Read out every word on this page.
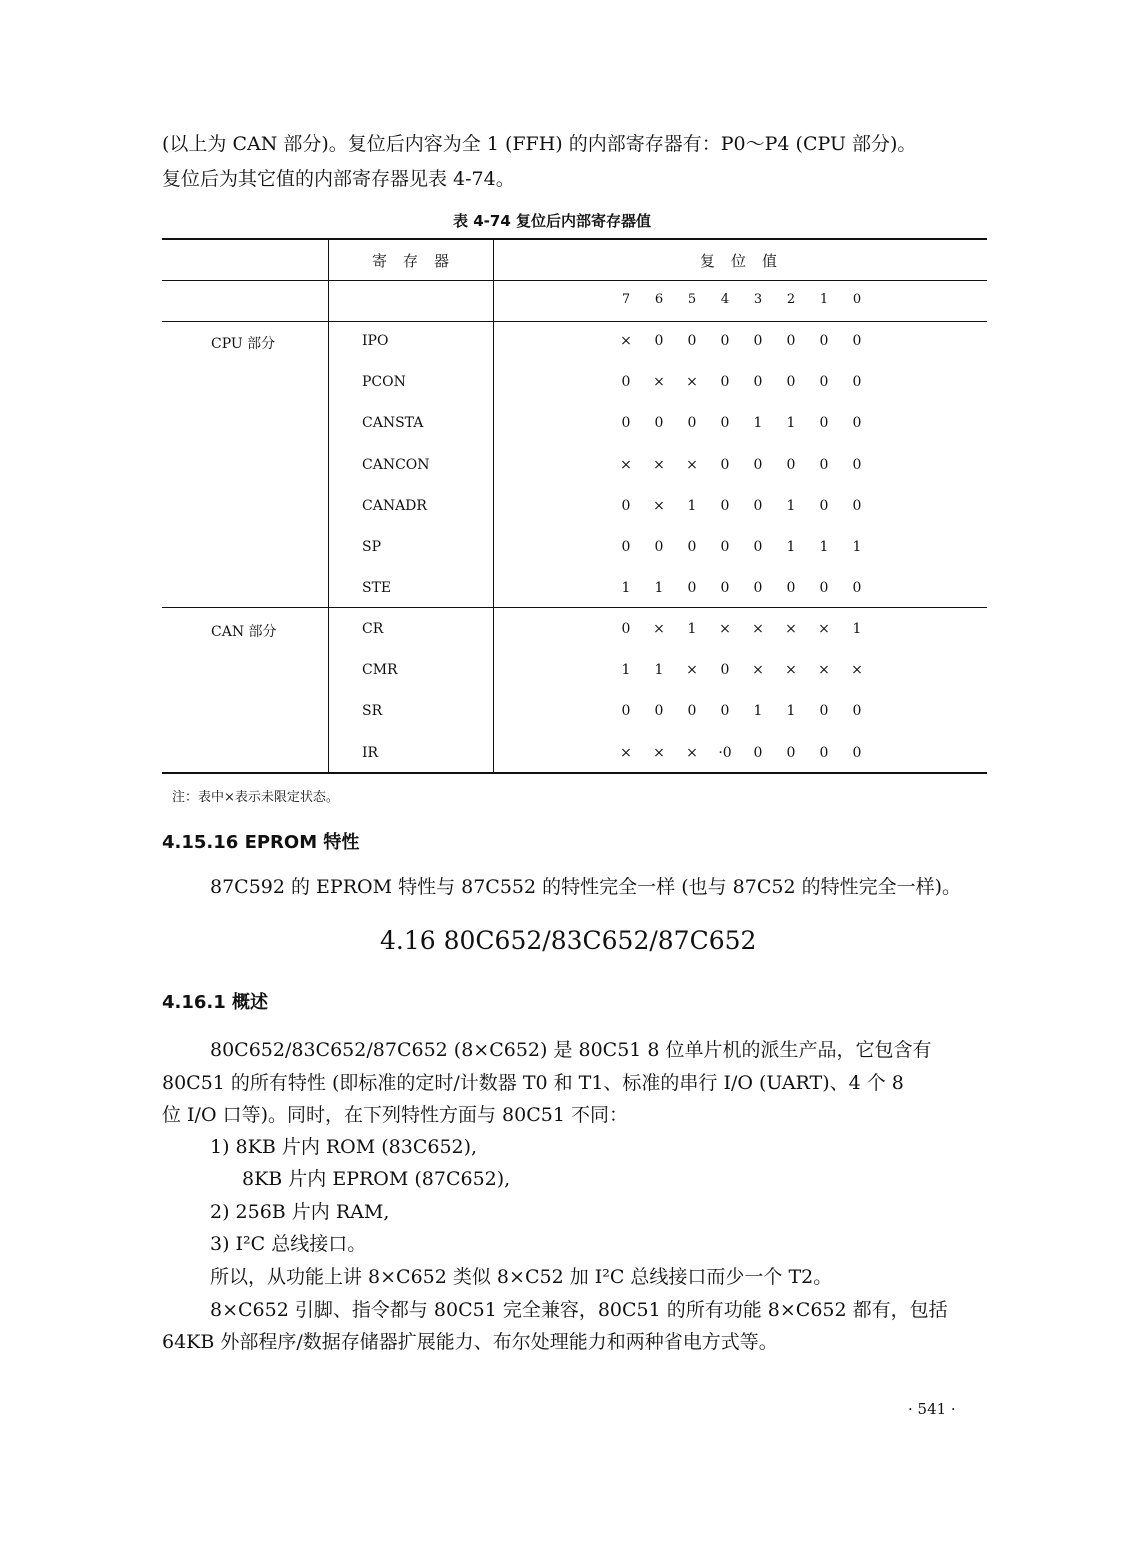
(以上为 CAN 部分)。复位后内容为全 1 (FFH) 的内部寄存器有：P0～P4 (CPU 部分)。
复位后为其它值的内部寄存器见表 4-74。
表 4-74 复位后内部寄存器值
寄存器	复位值
7	6	5	4	3	2	1	0
CPU 部分	IPO	×	0	0	0	0	0	0	0
PCON	0	×	×	0	0	0	0	0
CANSTA	0	0	0	0	1	1	0	0
CANCON	×	×	×	0	0	0	0	0
CANADR	0	×	1	0	0	1	0	0
SP	0	0	0	0	0	1	1	1
STE	1	1	0	0	0	0	0	0
CAN 部分	CR	0	×	1	×	×	×	×	1
CMR	1	1	×	0	×	×	×	×
SR	0	0	0	0	1	1	0	0
IR	×	×	×	·0	0	0	0	0
注：表中×表示未限定状态。
4.15.16 EPROM 特性
87C592 的 EPROM 特性与 87C552 的特性完全一样 (也与 87C52 的特性完全一样)。
4.16 80C652/83C652/87C652
4.16.1 概述
80C652/83C652/87C652 (8×C652) 是 80C51 8 位单片机的派生产品，它包含有
80C51 的所有特性 (即标准的定时/计数器 T0 和 T1、标准的串行 I/O (UART)、4 个 8
位 I/O 口等)。同时，在下列特性方面与 80C51 不同：
1) 8KB 片内 ROM (83C652),
8KB 片内 EPROM (87C652),
2) 256B 片内 RAM,
3) I²C 总线接口。
所以，从功能上讲 8×C652 类似 8×C52 加 I²C 总线接口而少一个 T2。
8×C652 引脚、指令都与 80C51 完全兼容，80C51 的所有功能 8×C652 都有，包括
64KB 外部程序/数据存储器扩展能力、布尔处理能力和两种省电方式等。
· 541 ·
